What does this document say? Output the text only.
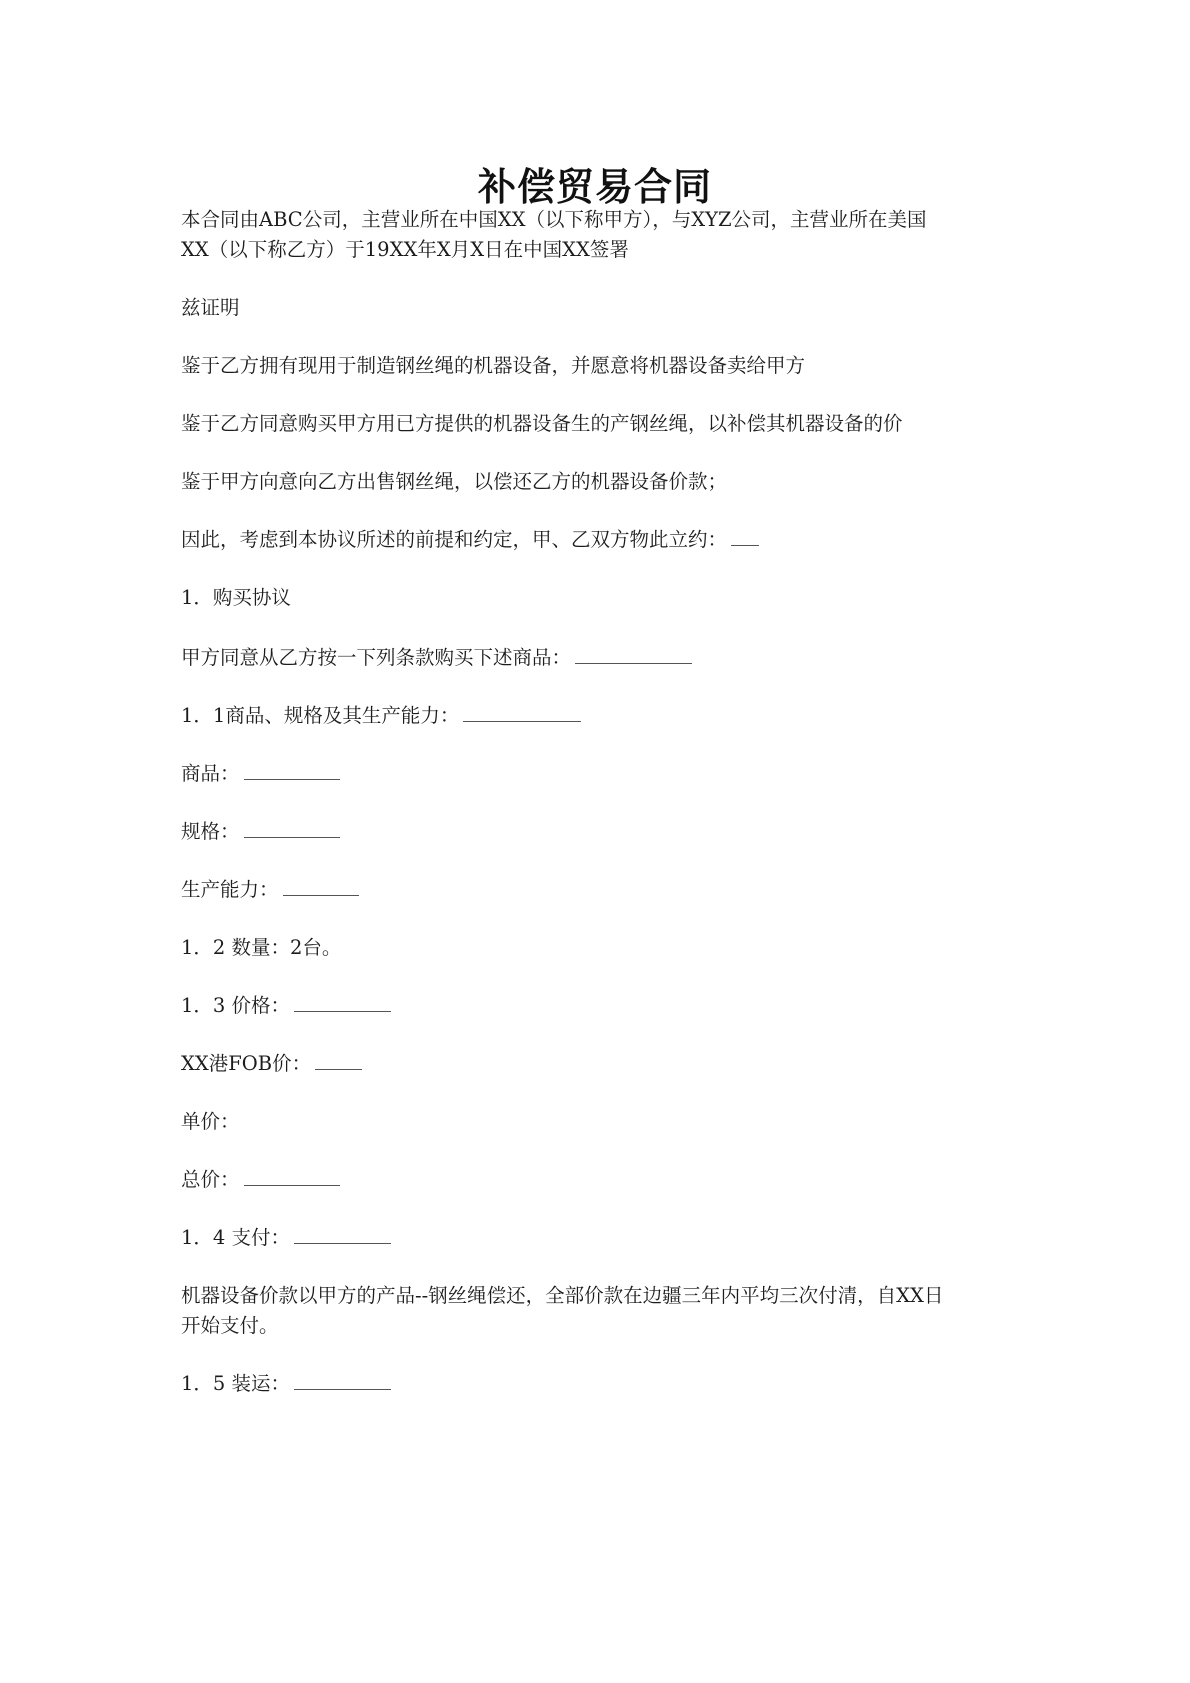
补偿贸易合同
本合同由ABC公司，主营业所在中国XX（以下称甲方），与XYZ公司，主营业所在美国
XX（以下称乙方）于19XX年X月X日在中国XX签署
兹证明
鉴于乙方拥有现用于制造钢丝绳的机器设备，并愿意将机器设备卖给甲方
鉴于乙方同意购买甲方用已方提供的机器设备生的产钢丝绳，以补偿其机器设备的价
鉴于甲方向意向乙方出售钢丝绳，以偿还乙方的机器设备价款；
因此，考虑到本协议所述的前提和约定，甲、乙双方物此立约：
1．购买协议
甲方同意从乙方按一下列条款购买下述商品：
1．1商品、规格及其生产能力：
商品：
规格：
生产能力：
1．2 数量：2台。
1．3 价格：
XX港FOB价：
单价：
总价：
1．4 支付：
机器设备价款以甲方的产品--钢丝绳偿还，全部价款在边疆三年内平均三次付清，自XX日
开始支付。
1．5 装运：
